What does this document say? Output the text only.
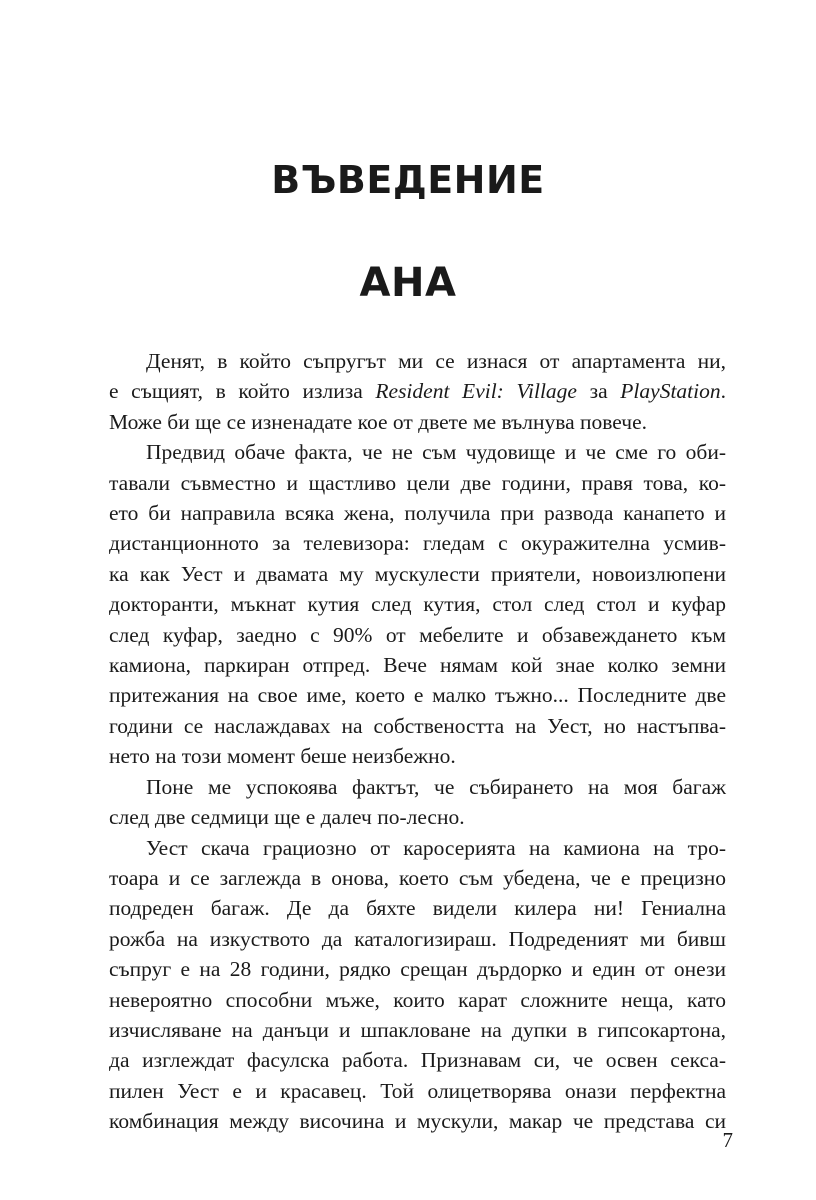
ВЪВЕДЕНИЕ
АНА

Денят, в който съпругът ми се изнася от апартамента ни,
е същият, в който излиза Resident Evil: Village за PlayStation.
Може би ще се изненадате кое от двете ме вълнува повече.

Предвид обаче факта, че не съм чудовище и че сме го оби-
тавали съвместно и щастливо цели две години, правя това, ко-
ето би направила всяка жена, получила при развода канапето и
дистанционното за телевизора: гледам с окуражителна усмив-
ка как Уест и двамата му мускулести приятели, новоизлюпени
докторанти, мъкнат кутия след кутия, стол след стол и куфар
след куфар, заедно с 90% от мебелите и обзавеждането към
камиона, паркиран отпред. Вече нямам кой знае колко земни
притежания на свое име, което е малко тъжно... Последните две
години се наслаждавах на собствеността на Уест, но настъпва-
нето на този момент беше неизбежно.

Поне ме успокоява фактът, че събирането на моя багаж
след две седмици ще е далеч по-лесно.

Уест скача грациозно от каросерията на камиона на тро-
тоара и се заглежда в онова, което съм убедена, че е прецизно
подреден багаж. Де да бяхте видели килера ни! Гениална
рожба на изкуството да каталогизираш. Подреденият ми бивш
съпруг е на 28 години, рядко срещан дърдорко и един от онези
невероятно способни мъже, които карат сложните неща, като
изчисляване на данъци и шпакловане на дупки в гипсокартона,
да изглеждат фасулска работа. Признавам си, че освен секса-
пилен Уест е и красавец. Той олицетворява онази перфектна
комбинация между височина и мускули, макар че представа си

7
